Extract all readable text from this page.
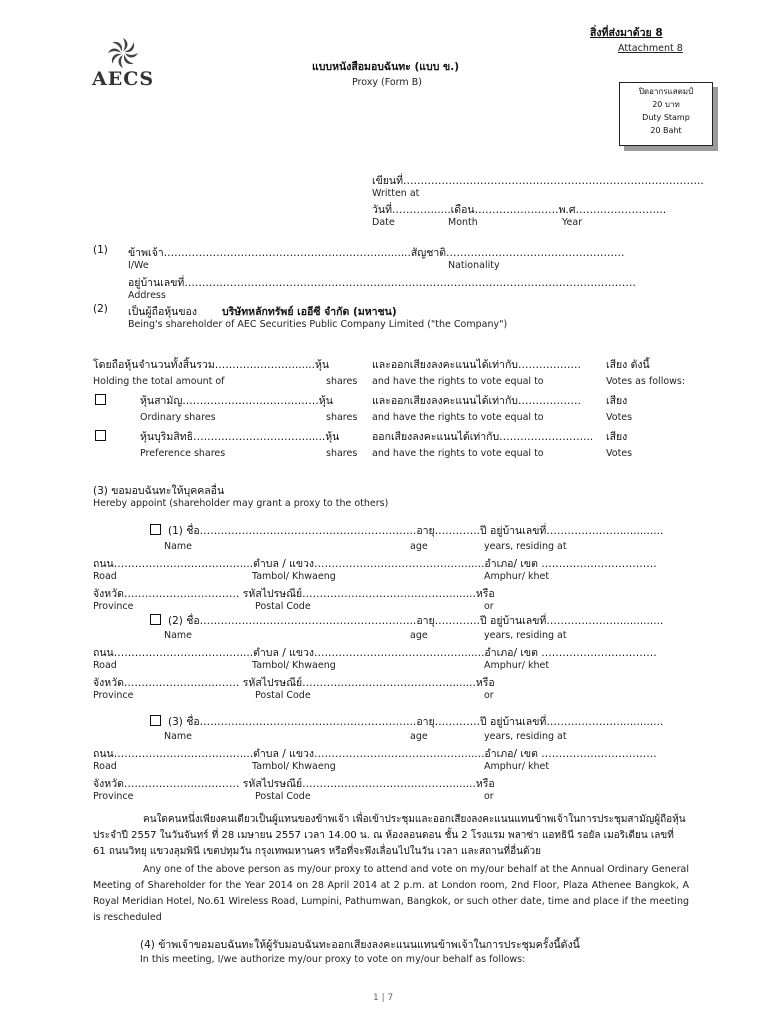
AECS
สิ่งที่ส่งมาด้วย 8
Attachment 8
แบบหนังสือมอบฉันทะ (แบบ ข.)
Proxy (Form B)
ปิดอากรแสตมป์
20 บาท
Duty Stamp
20 Baht
เขียนที่…………………………………………………………………………..
Written at
วันที่………….....เดือน……………………พ.ศ……………………..
Date	Month	Year
(1) ข้าพเจ้า………………………………………………………........สัญชาติ……………………………………………
I/We	Nationality
อยู่บ้านเลขที่…………………………………………………………………………………………………………………
Address
(2) เป็นผู้ถือหุ้นของ บริษัทหลักทรัพย์ เออีซี จำกัด (มหาชน)
Being's shareholder of AEC Securities Public Company Limited ("the Company")
โดยถือหุ้นจำนวนทั้งสิ้นรวม………….……….......หุ้น	และออกเสียงลงคะแนนได้เท่ากับ……………… เสียง ดังนี้
Holding the total amount of	shares and have the rights to vote equal to	Votes as follows:
หุ้นสามัญ…………………………………หุ้น	และออกเสียงลงคะแนนได้เท่ากับ……………… เสียง
Ordinary shares	shares and have the rights to vote equal to	Votes
หุ้นบุริมสิทธิ…………………………….....หุ้น	ออกเสียงลงคะแนนได้เท่ากับ……………………... เสียง
Preference shares	shares and have the rights to vote equal to	Votes
(3) ขอมอบฉันทะให้บุคคลอื่น
Hereby appoint (shareholder may grant a proxy to the others)
(1) ชื่อ……………………………………………………..อายุ………….ปี อยู่บ้านเลขที่………………….............
Name	age	years, residing at
ถนน………………………………....ตำบล / แขวง…………………………………….......อำเภอ/ เขต ……………………………
Road	Tambol/ Khwaeng	Amphur/ khet
จังหวัด…………………………… รหัสไปรษณีย์……………………………………........หรือ
Province	Postal Code	or
(2) ชื่อ……………………………………………………..อายุ………….ปี อยู่บ้านเลขที่………………….............
Name	age	years, residing at
ถนน………………………………....ตำบล / แขวง…………………………………….......อำเภอ/ เขต ……………………………
Road	Tambol/ Khwaeng	Amphur/ khet
จังหวัด…………………………… รหัสไปรษณีย์……………………………………........หรือ
Province	Postal Code	or
(3) ชื่อ……………………………………………………..อายุ………….ปี อยู่บ้านเลขที่………………….............
Name	age	years, residing at
ถนน………………………………....ตำบล / แขวง…………………………………….......อำเภอ/ เขต ……………………………
Road	Tambol/ Khwaeng	Amphur/ khet
จังหวัด…………………………… รหัสไปรษณีย์……………………………………........หรือ
Province	Postal Code	or
คนใดคนหนึ่งเพียงคนเดียวเป็นผู้แทนของข้าพเจ้า เพื่อเข้าประชุมและออกเสียงลงคะแนนแทนข้าพเจ้าในการประชุมสามัญผู้ถือหุ้น ประจำปี 2557 ในวันจันทร์ ที่ 28 เมษายน 2557 เวลา 14.00 น. ณ ห้องลอนดอน ชั้น 2 โรงแรม พลาซ่า แอทธินี รอยัล เมอริเดียน เลขที่ 61 ถนนวิทยุ แขวงลุมพินี เขตปทุมวัน กรุงเทพมหานคร หรือที่จะพึงเลื่อนไปในวัน เวลา และสถานที่อื่นด้วย
Any one of the above person as my/our proxy to attend and vote on my/our behalf at the Annual Ordinary General Meeting of Shareholder for the Year 2014 on 28 April 2014 at 2 p.m. at London room, 2nd Floor, Plaza Athenee Bangkok, A Royal Meridian Hotel, No.61 Wireless Road, Lumpini, Pathumwan, Bangkok, or such other date, time and place if the meeting is rescheduled
(4) ข้าพเจ้าขอมอบฉันทะให้ผู้รับมอบฉันทะออกเสียงลงคะแนนแทนข้าพเจ้าในการประชุมครั้งนี้ดังนี้
In this meeting, I/we authorize my/our proxy to vote on my/our behalf as follows:
1 | 7
